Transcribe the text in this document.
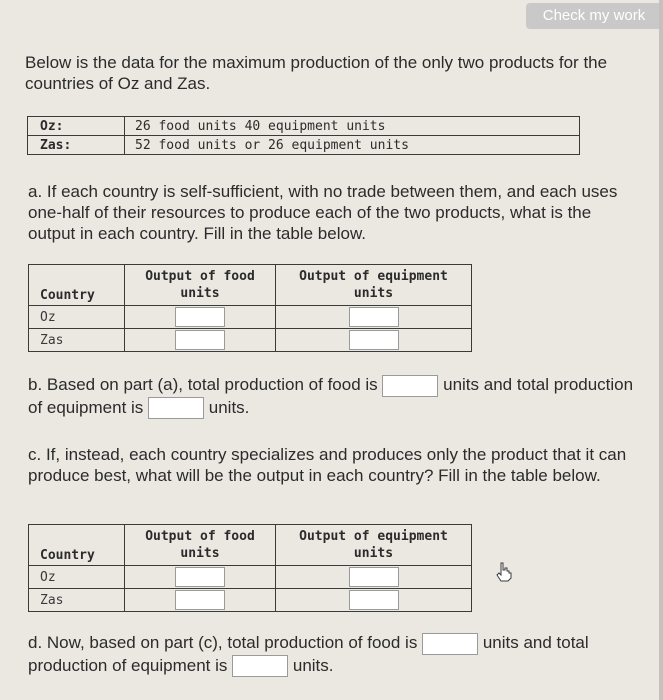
Check my work

Below is the data for the maximum production of the only two products for the countries of Oz and Zas.

Oz:	26 food units 40 equipment units
Zas:	52 food units or 26 equipment units

a. If each country is self-sufficient, with no trade between them, and each uses one-half of their resources to produce each of the two products, what is the output in each country. Fill in the table below.

Country	Output of food units	Output of equipment units
Oz	

Zas	

b. Based on part (a), total production of food is	units and total production of equipment is	units.

c. If, instead, each country specializes and produces only the product that it can produce best, what will be the output in each country? Fill in the table below.

Country	Output of food units	Output of equipment units
Oz	

Zas	

d. Now, based on part (c), total production of food is	units and total production of equipment is	units.
